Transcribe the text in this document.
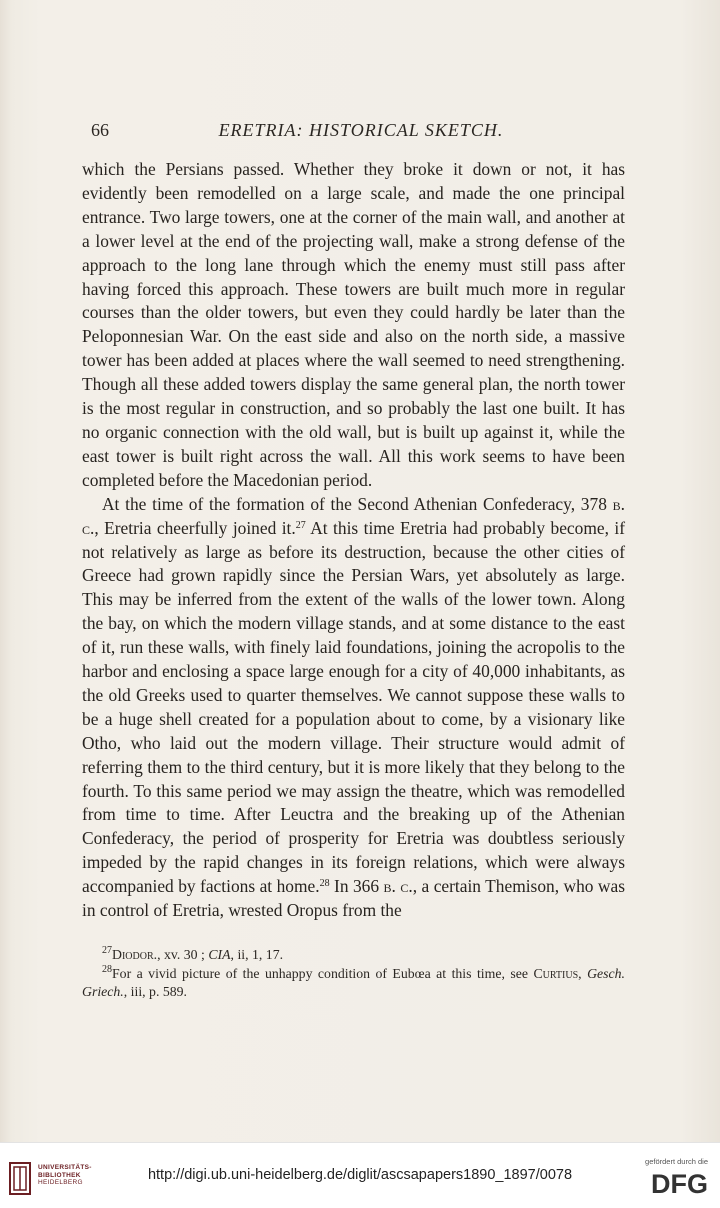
66	ERETRIA: HISTORICAL SKETCH.

which the Persians passed. Whether they broke it down or not, it has evidently been remodelled on a large scale, and made the one principal entrance. Two large towers, one at the corner of the main wall, and another at a lower level at the end of the projecting wall, make a strong defense of the approach to the long lane through which the enemy must still pass after having forced this approach. These towers are built much more in regular courses than the older towers, but even they could hardly be later than the Peloponnesian War. On the east side and also on the north side, a massive tower has been added at places where the wall seemed to need strengthening. Though all these added towers display the same general plan, the north tower is the most regular in construction, and so probably the last one built. It has no organic connection with the old wall, but is built up against it, while the east tower is built right across the wall. All this work seems to have been completed before the Macedonian period.

At the time of the formation of the Second Athenian Confederacy, 378 b. c., Eretria cheerfully joined it.$^{27}$ At this time Eretria had probably become, if not relatively as large as before its destruction, because the other cities of Greece had grown rapidly since the Persian Wars, yet absolutely as large. This may be inferred from the extent of the walls of the lower town. Along the bay, on which the modern village stands, and at some distance to the east of it, run these walls, with finely laid foundations, joining the acropolis to the harbor and enclosing a space large enough for a city of 40,000 inhabitants, as the old Greeks used to quarter themselves. We cannot suppose these walls to be a huge shell created for a population about to come, by a visionary like Otho, who laid out the modern village. Their structure would admit of referring them to the third century, but it is more likely that they belong to the fourth. To this same period we may assign the theatre, which was remodelled from time to time. After Leuctra and the breaking up of the Athenian Confederacy, the period of prosperity for Eretria was doubtless seriously impeded by the rapid changes in its foreign relations, which were always accompanied by factions at home.$^{28}$ In 366 b. c., a certain Themison, who was in control of Eretria, wrested Oropus from the

$^{27}$Diodor., xv. 30 ; CIA, ii, 1, 17.

$^{28}$For a vivid picture of the unhappy condition of Eubœa at this time, see Curtius, Gesch. Griech., iii, p. 589.

UNIVERSITÄTS-
BIBLIOTHEK
HEIDELBERG	http://digi.ub.uni-heidelberg.de/diglit/ascsapapers1890_1897/0078
gefördert durch die
DFG
